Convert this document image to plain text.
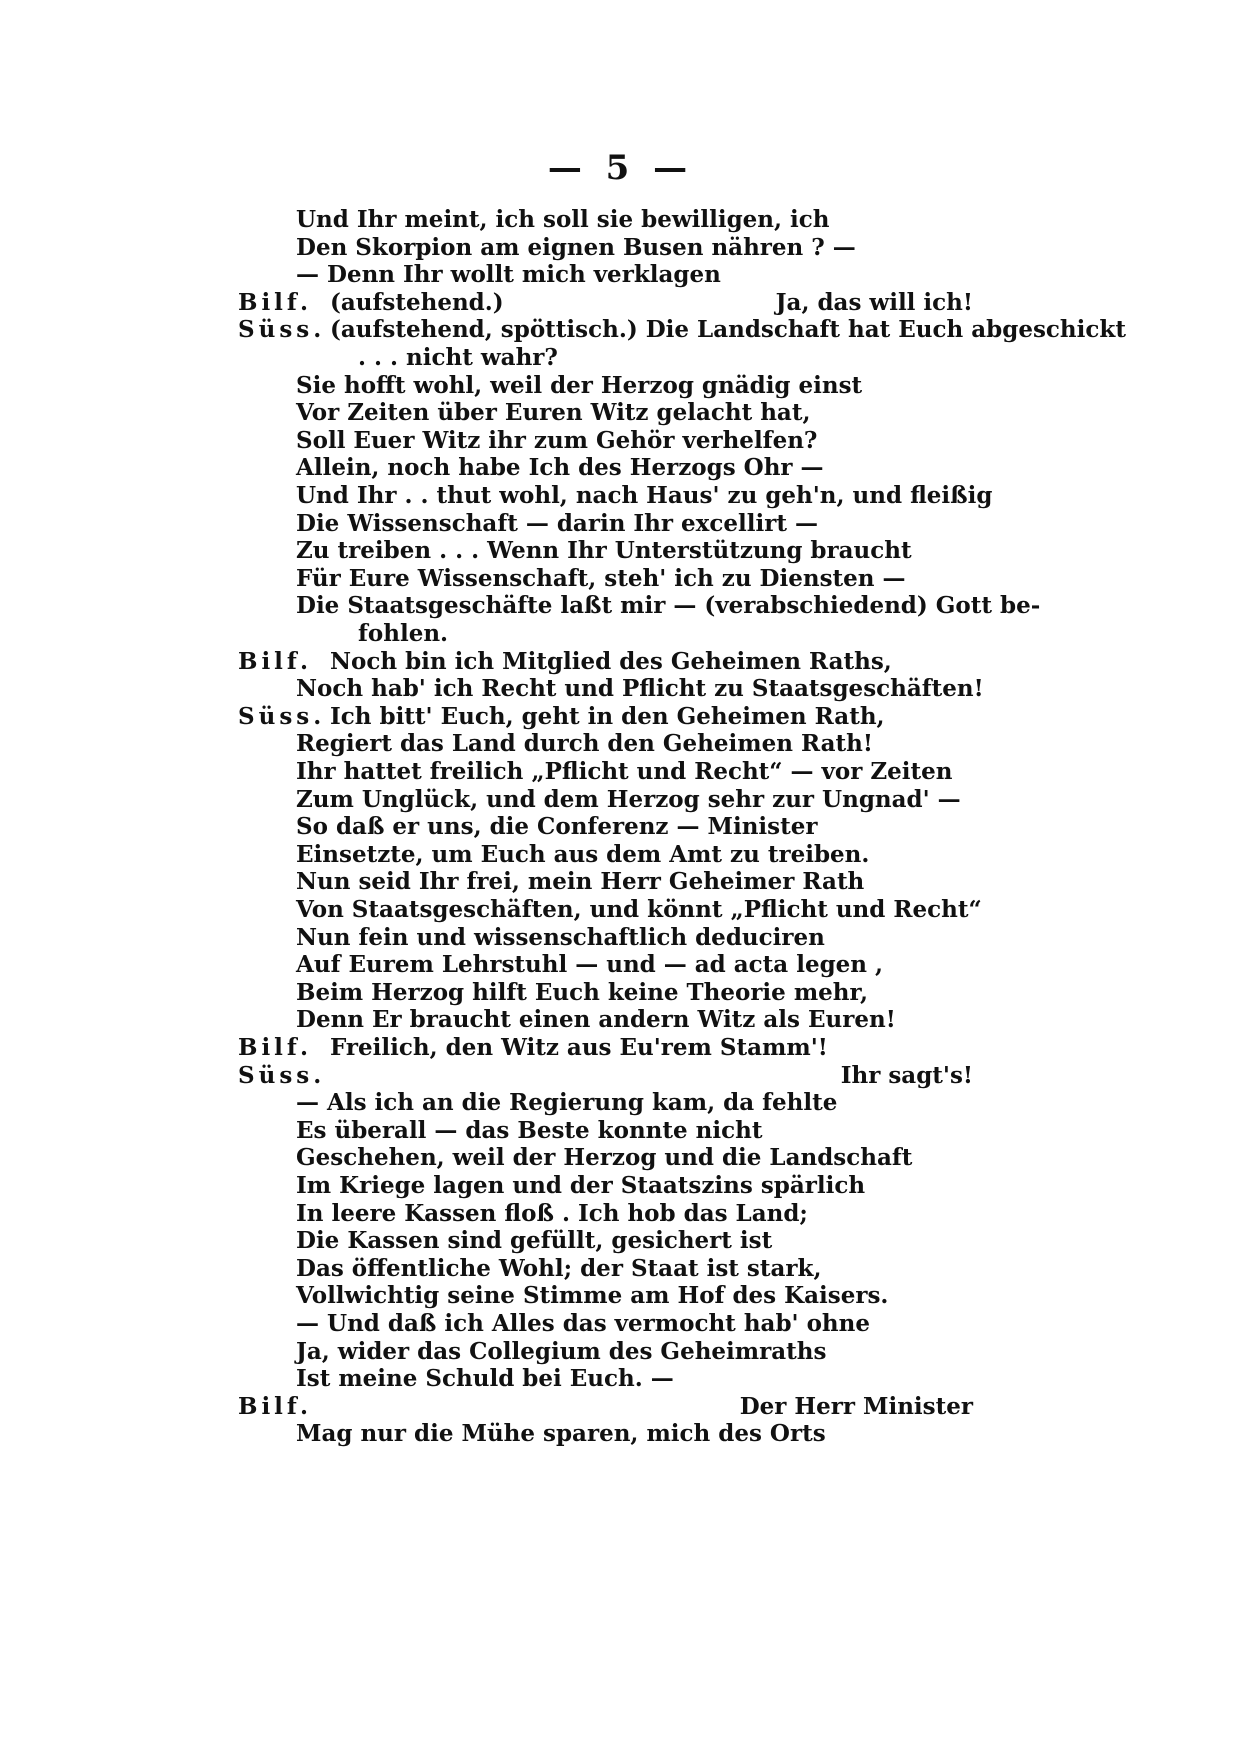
— 5 —
Und Ihr meint, ich soll sie bewilligen, ich
Den Skorpion am eignen Busen nähren ? —
— Denn Ihr wollt mich verklagen
Bilf. (aufstehend.)	Ja, das will ich!
Süss. (aufstehend, spöttisch.) Die Landschaft hat Euch abgeschickt
. . . nicht wahr?
Sie hofft wohl, weil der Herzog gnädig einst
Vor Zeiten über Euren Witz gelacht hat,
Soll Euer Witz ihr zum Gehör verhelfen?
Allein, noch habe Ich des Herzogs Ohr —
Und Ihr . . thut wohl, nach Haus' zu geh'n, und fleißig
Die Wissenschaft — darin Ihr excellirt —
Zu treiben . . . Wenn Ihr Unterstützung braucht
Für Eure Wissenschaft, steh' ich zu Diensten —
Die Staatsgeschäfte laßt mir — (verabschiedend) Gott be-
fohlen.
Bilf. Noch bin ich Mitglied des Geheimen Raths,
Noch hab' ich Recht und Pflicht zu Staatsgeschäften!
Süss. Ich bitt' Euch, geht in den Geheimen Rath,
Regiert das Land durch den Geheimen Rath!
Ihr hattet freilich „Pflicht und Recht“ — vor Zeiten
Zum Unglück, und dem Herzog sehr zur Ungnad' —
So daß er uns, die Conferenz — Minister
Einsetzte, um Euch aus dem Amt zu treiben.
Nun seid Ihr frei, mein Herr Geheimer Rath
Von Staatsgeschäften, und könnt „Pflicht und Recht“
Nun fein und wissenschaftlich deduciren
Auf Eurem Lehrstuhl — und — ad acta legen ,
Beim Herzog hilft Euch keine Theorie mehr,
Denn Er braucht einen andern Witz als Euren!
Bilf. Freilich, den Witz aus Eu'rem Stamm'!
Süss.	Ihr sagt's!
— Als ich an die Regierung kam, da fehlte
Es überall — das Beste konnte nicht
Geschehen, weil der Herzog und die Landschaft
Im Kriege lagen und der Staatszins spärlich
In leere Kassen floß . Ich hob das Land;
Die Kassen sind gefüllt, gesichert ist
Das öffentliche Wohl; der Staat ist stark,
Vollwichtig seine Stimme am Hof des Kaisers.
— Und daß ich Alles das vermocht hab' ohne
Ja, wider das Collegium des Geheimraths
Ist meine Schuld bei Euch. —
Bilf.	Der Herr Minister
Mag nur die Mühe sparen, mich des Orts
